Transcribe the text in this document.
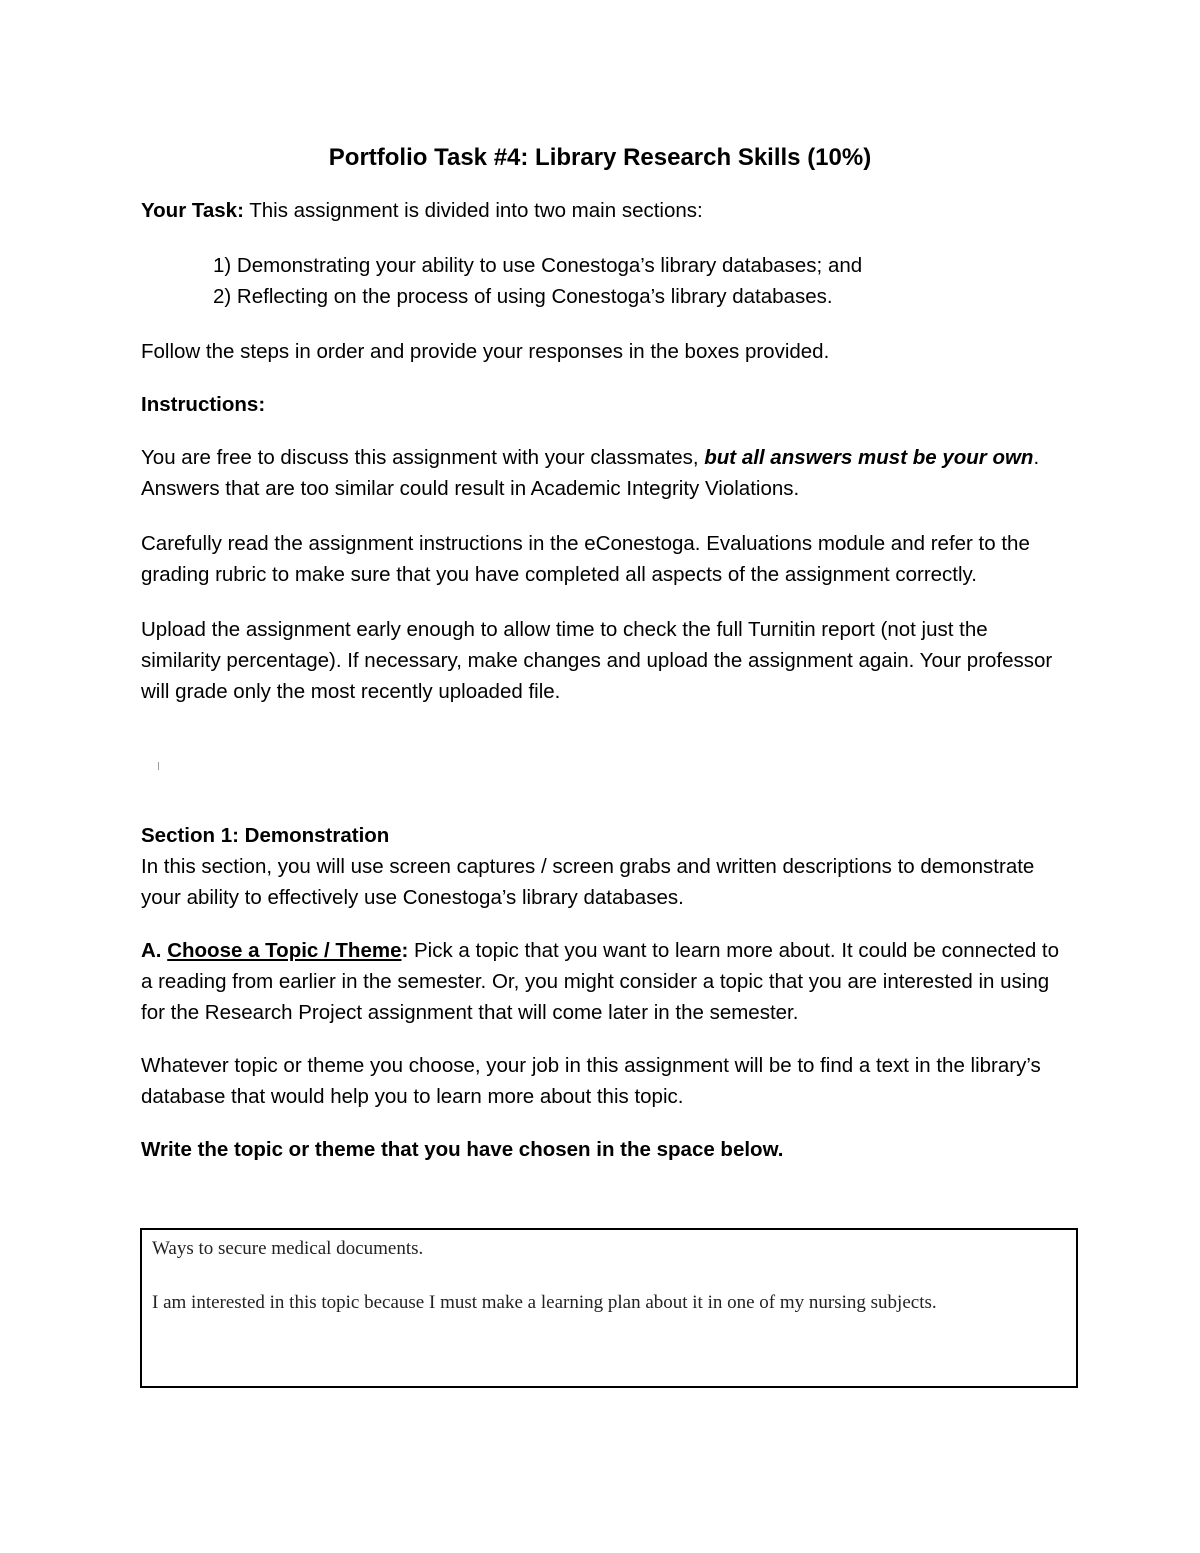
Portfolio Task #4: Library Research Skills (10%)

Your Task: This assignment is divided into two main sections:

1) Demonstrating your ability to use Conestoga’s library databases; and
2) Reflecting on the process of using Conestoga’s library databases.

Follow the steps in order and provide your responses in the boxes provided.

Instructions:

You are free to discuss this assignment with your classmates, but all answers must be your own. Answers that are too similar could result in Academic Integrity Violations.

Carefully read the assignment instructions in the eConestoga. Evaluations module and refer to the grading rubric to make sure that you have completed all aspects of the assignment correctly.

Upload the assignment early enough to allow time to check the full Turnitin report (not just the similarity percentage). If necessary, make changes and upload the assignment again. Your professor will grade only the most recently uploaded file.

Section 1: Demonstration

In this section, you will use screen captures / screen grabs and written descriptions to demonstrate your ability to effectively use Conestoga’s library databases.

A. Choose a Topic / Theme: Pick a topic that you want to learn more about. It could be connected to a reading from earlier in the semester. Or, you might consider a topic that you are interested in using for the Research Project assignment that will come later in the semester.

Whatever topic or theme you choose, your job in this assignment will be to find a text in the library’s database that would help you to learn more about this topic.

Write the topic or theme that you have chosen in the space below.

Ways to secure medical documents.

I am interested in this topic because I must make a learning plan about it in one of my nursing subjects.
